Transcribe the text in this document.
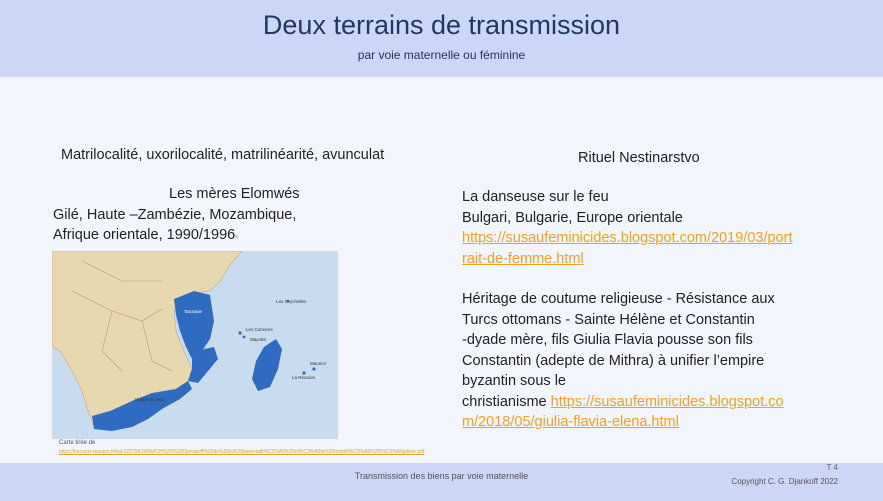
Deux terrains de transmission
par voie maternelle ou féminine
Matrilocalité, uxorilocalité, matrilinéarité, avunculat
Les mères Elomwés
Gilé, Haute –Zambézie, Mozambique,
Afrique orientale, 1990/1996h
Les Seychelles
Tanzanie
Les Comores
Mayotte
Afrique du Sud
La Réunion
Maurice
Carte tirée de
https://hal.univ-reunion.fr/hal-02279619/file/CH%20%20Djanakoff%20de%20la%20parentalit%C3%A9%20et%C3%A0la%20mobilit%C3%A9%20l%C3%A9gitime.pdf
Rituel Nestinarstvo
La danseuse sur le feu
Bulgari, Bulgarie, Europe orientale
https://susaufeminicides.blogspot.com/2019/03/port
rait-de-femme.html
Héritage de coutume religieuse - Résistance aux
Turcs ottomans - Sainte Hélène et Constantin
-dyade mère, fils Giulia Flavia pousse son fils
Constantin (adepte de Mithra) à unifier l’empire
byzantin sous le
christianisme https://susaufeminicides.blogspot.co
m/2018/05/giulia-flavia-elena.html
Transmission des biens par voie maternelle
T 4
Copyright C. G. Djankoff 2022
